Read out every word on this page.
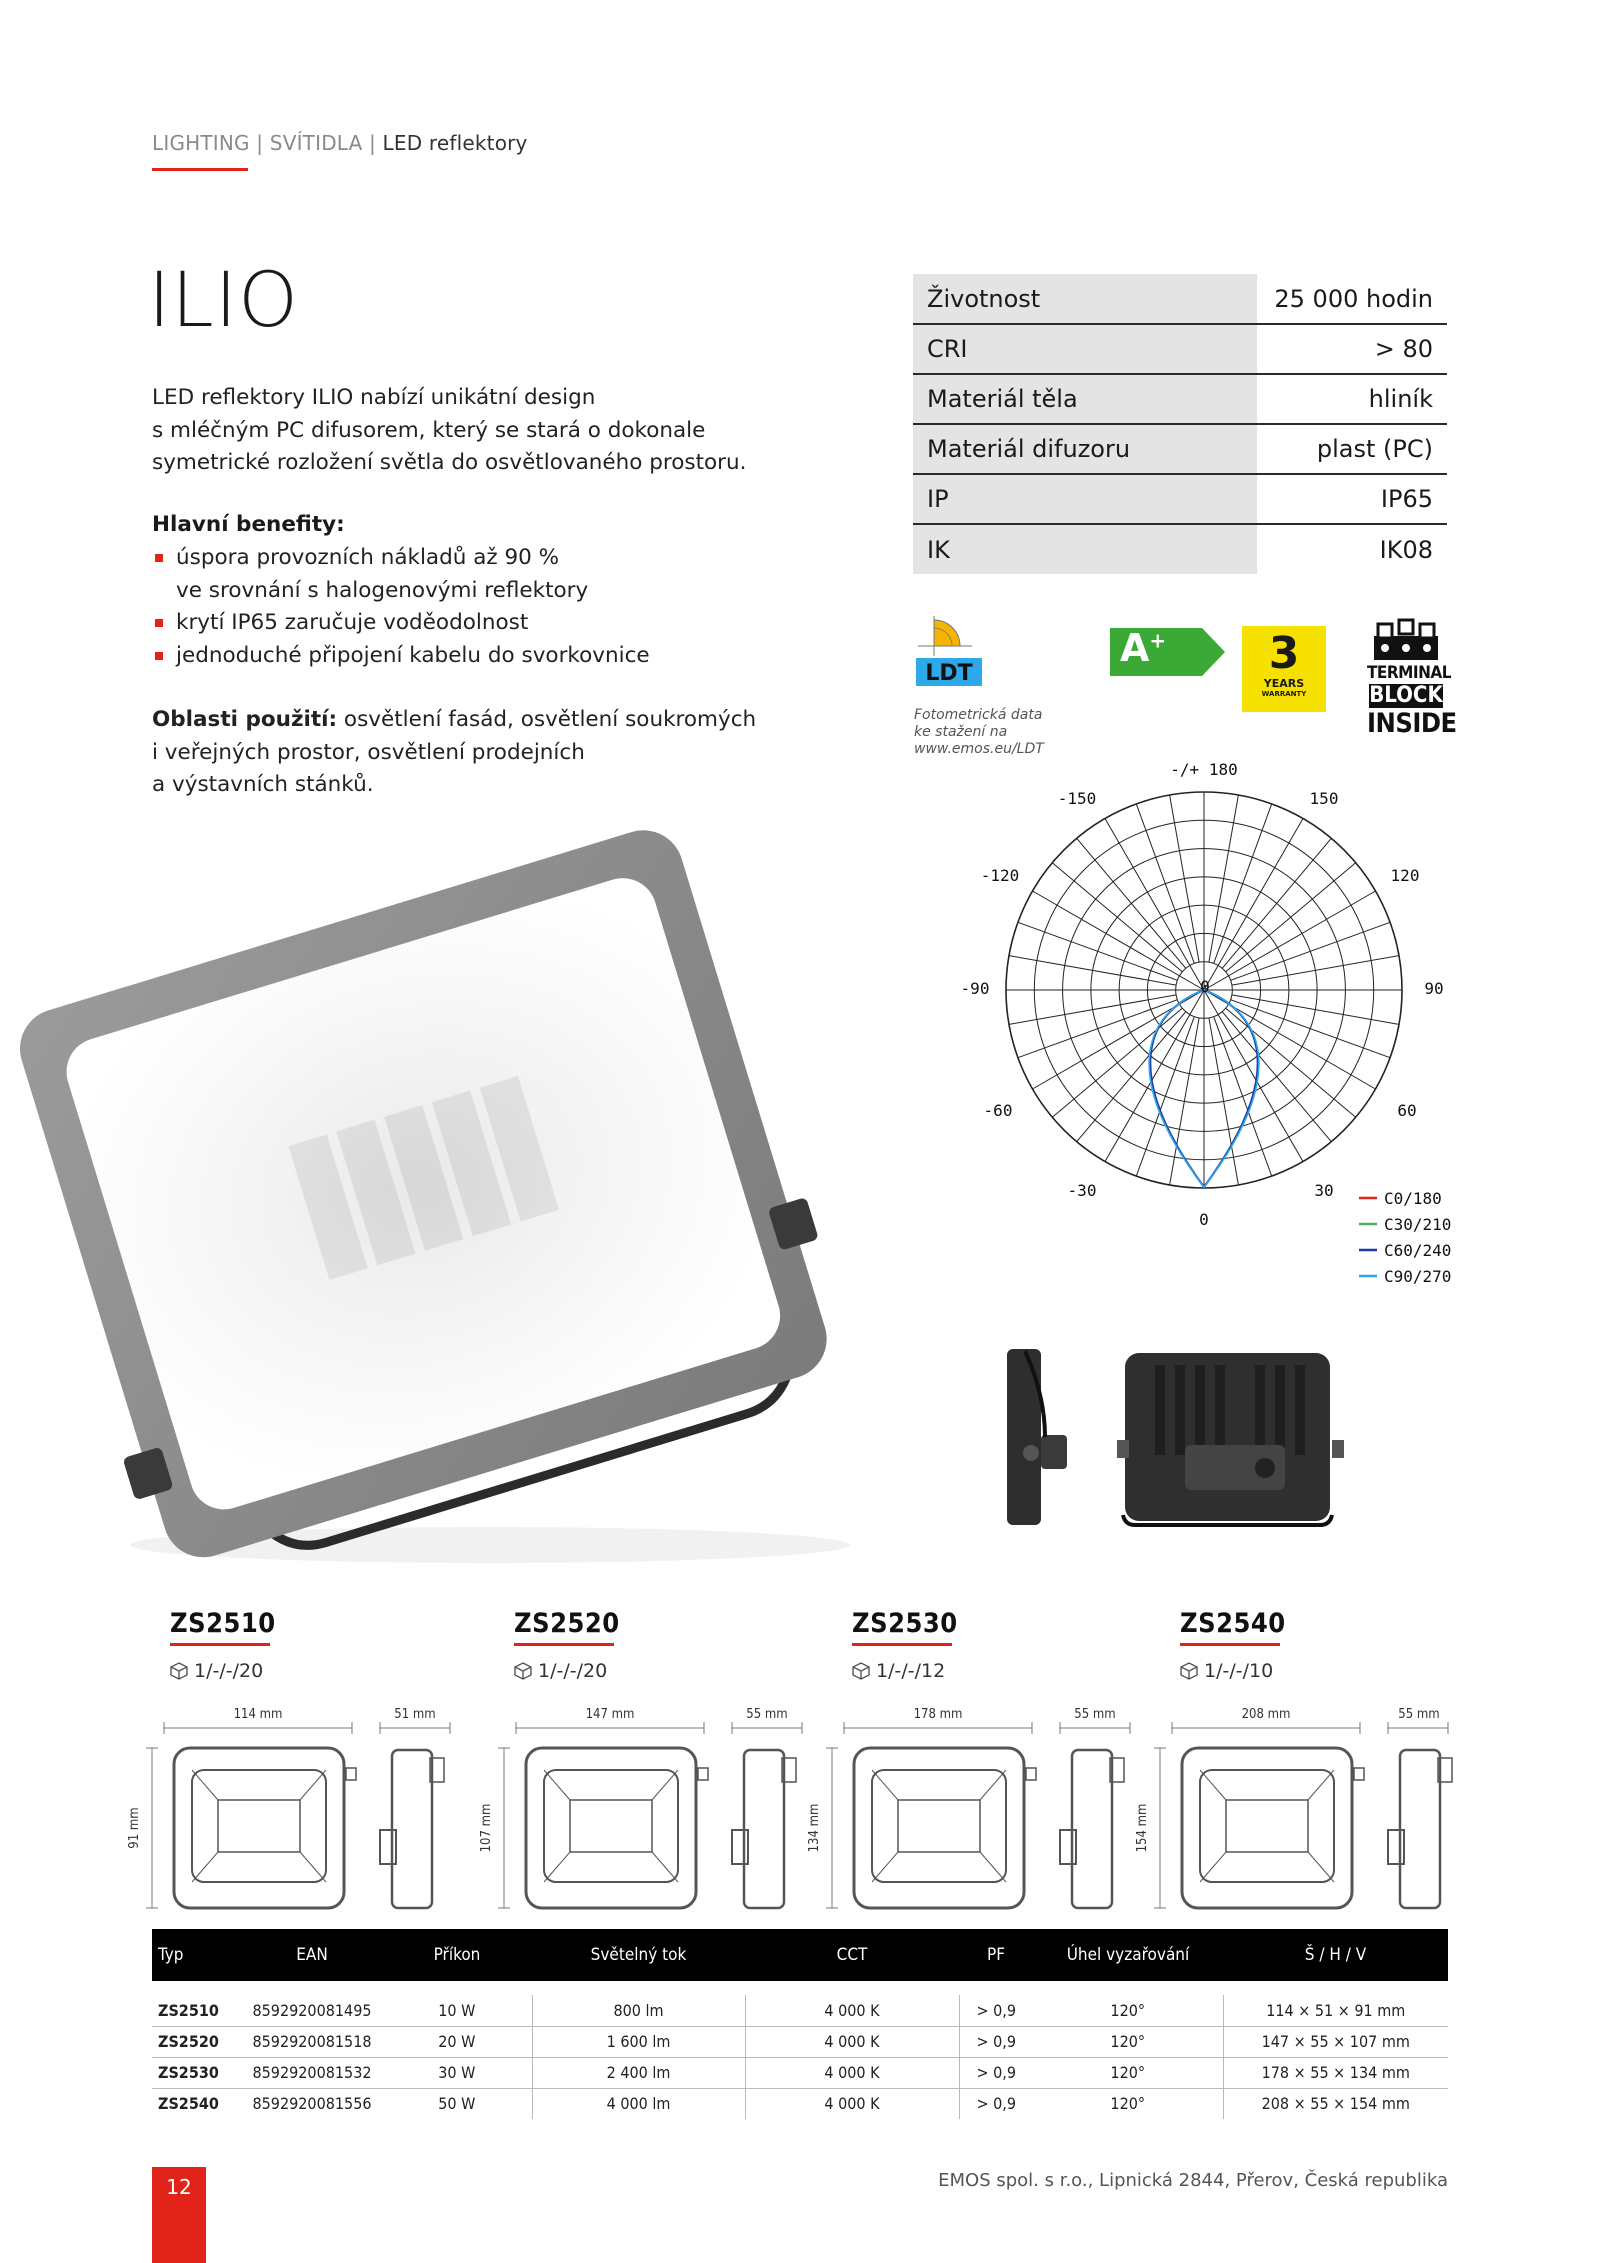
LIGHTING | SVÍTIDLA | LED reflektory
ILIO
LED reflektory ILIO nabízí unikátní design
s mléčným PC difusorem, který se stará o dokonale
symetrické rozložení světla do osvětlovaného prostoru.
Hlavní benefity:
úspora provozních nákladů až 90 %
ve srovnání s halogenovými reflektory
krytí IP65 zaručuje voděodolnost
jednoduché připojení kabelu do svorkovnice
Oblasti použití: osvětlení fasád, osvětlení soukromých
i veřejných prostor, osvětlení prodejních
a výstavních stánků.
Životnost	25 000 hodin
CRI	> 80
Materiál těla	hliník
Materiál difuzoru	plast (PC)
IP	IP65
IK	IK08
LDT
Fotometrická data
ke stažení na
www.emos.eu/LDT
A+	3
YEARS
WARRANTY
TERMINAL
BLOCK
INSIDE
-/+ 180
150
120
90
60
30
0
-30
-60
-90
-120
-150
0
C0/180
C30/210
C60/240
C90/270
ZS2510
1/-/-/20
ZS2520
1/-/-/20
ZS2530
1/-/-/12
ZS2540
1/-/-/10
114 mm	51 mm
91 mm
147 mm	55 mm
107 mm
178 mm	55 mm
134 mm
208 mm	55 mm
154 mm
Typ	EAN	Příkon	Světelný tok	CCT	PF	Úhel vyzařování	Š / H / V

ZS2510	8592920081495	10 W	800 lm	4 000 K	> 0,9	120°	114 × 51 × 91 mm
ZS2520	8592920081518	20 W	1 600 lm	4 000 K	> 0,9	120°	147 × 55 × 107 mm
ZS2530	8592920081532	30 W	2 400 lm	4 000 K	> 0,9	120°	178 × 55 × 134 mm
ZS2540	8592920081556	50 W	4 000 lm	4 000 K	> 0,9	120°	208 × 55 × 154 mm
12	EMOS spol. s r.o., Lipnická 2844, Přerov, Česká republika
